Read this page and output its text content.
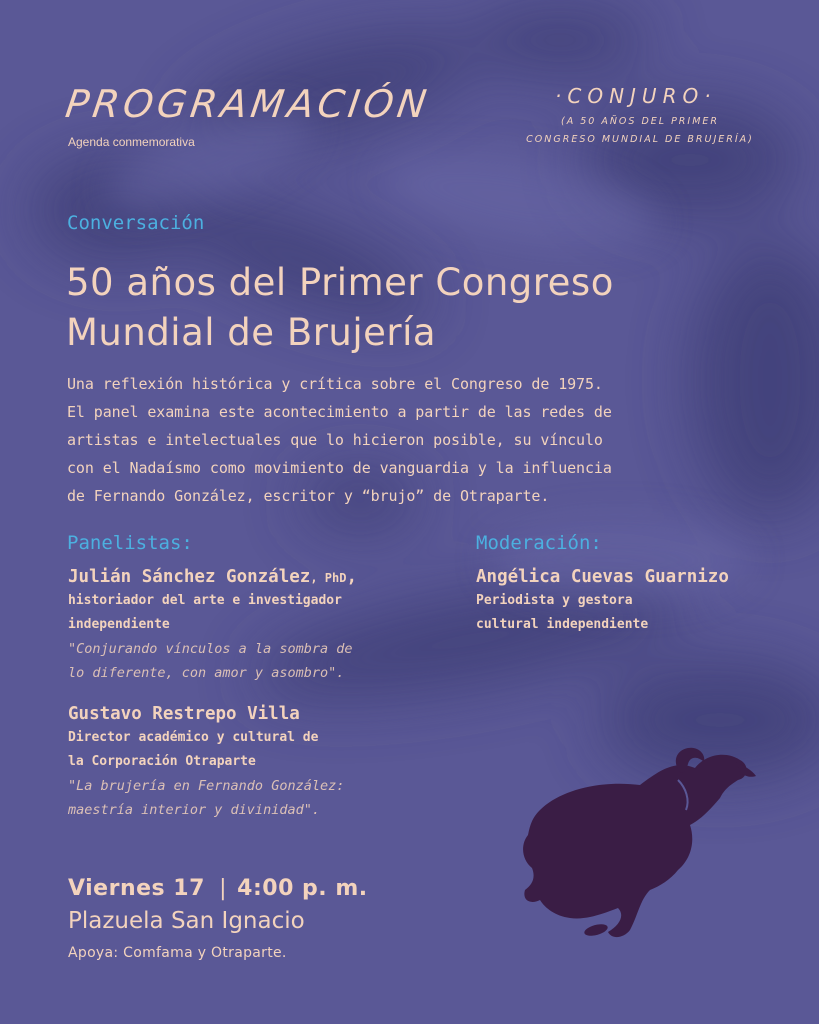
PROGRAMACIÓN
Agenda conmemorativa
·CONJURO·
(A 50 AÑOS DEL PRIMER
CONGRESO MUNDIAL DE BRUJERÍA)
Conversación
50 años del Primer Congreso
Mundial de Brujería
Una reflexión histórica y crítica sobre el Congreso de 1975.
El panel examina este acontecimiento a partir de las redes de
artistas e intelectuales que lo hicieron posible, su vínculo
con el Nadaísmo como movimiento de vanguardia y la influencia
de Fernando González, escritor y “brujo” de Otraparte.
Panelistas:
Julián Sánchez González, PhD,
historiador del arte e investigador
independiente
"Conjurando vínculos a la sombra de
lo diferente, con amor y asombro".
Gustavo Restrepo Villa
Director académico y cultural de
la Corporación Otraparte
"La brujería en Fernando González:
maestría interior y divinidad".
Moderación:
Angélica Cuevas Guarnizo
Periodista y gestora
cultural independiente
Viernes 17 | 4:00 p. m.
Plazuela San Ignacio
Apoya: Comfama y Otraparte.
